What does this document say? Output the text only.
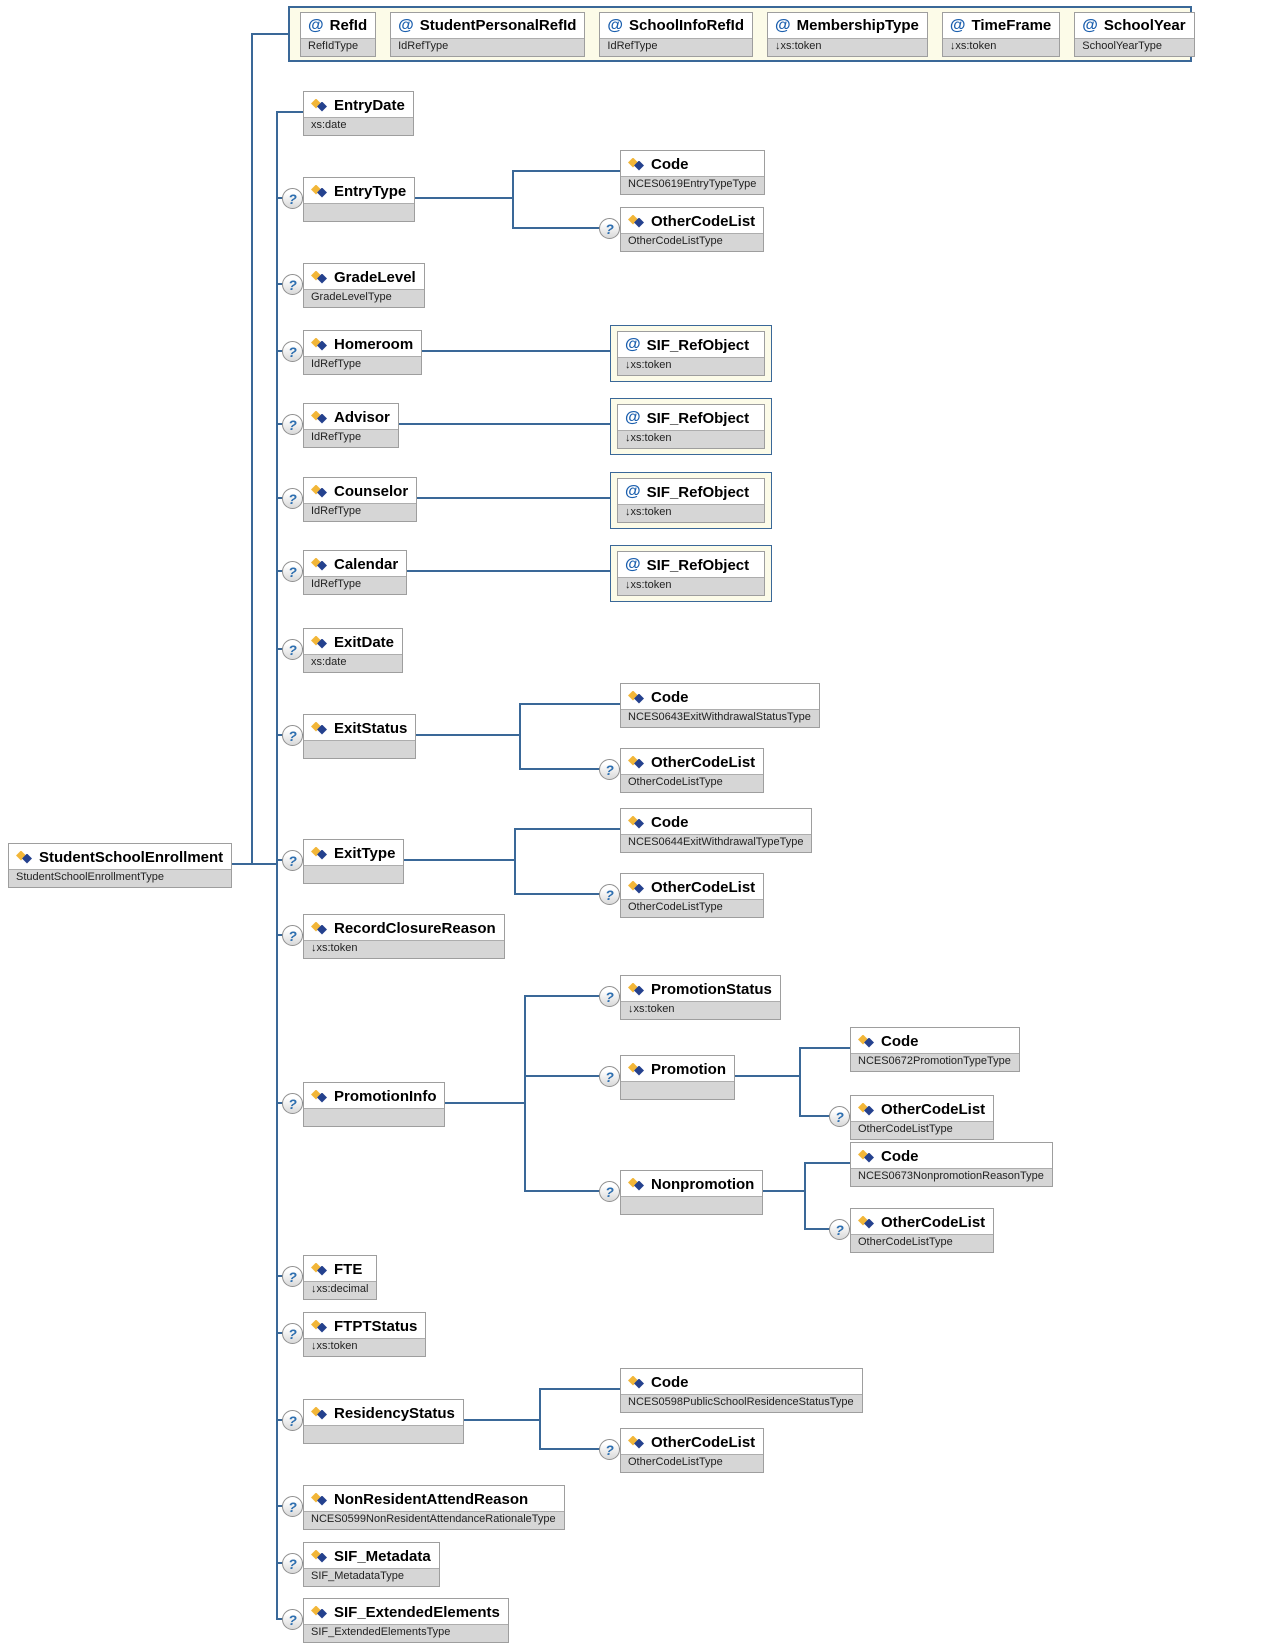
StudentSchoolEnrollment
StudentSchoolEnrollmentType
@ RefId
RefIdType
@ StudentPersonalRefId
IdRefType
@ SchoolInfoRefId
IdRefType
@ MembershipType
↓xs:token
@ TimeFrame
↓xs:token
@ SchoolYear
SchoolYearType
EntryDate
xs:date
EntryType
Code
NCES0619EntryTypeType
OtherCodeList
OtherCodeListType
GradeLevel
GradeLevelType
Homeroom
IdRefType
@ SIF_RefObject
↓xs:token
Advisor
IdRefType
@ SIF_RefObject
↓xs:token
Counselor
IdRefType
@ SIF_RefObject
↓xs:token
Calendar
IdRefType
@ SIF_RefObject
↓xs:token
ExitDate
xs:date
ExitStatus
Code
NCES0643ExitWithdrawalStatusType
OtherCodeList
OtherCodeListType
ExitType
Code
NCES0644ExitWithdrawalTypeType
OtherCodeList
OtherCodeListType
RecordClosureReason
↓xs:token
PromotionInfo
PromotionStatus
↓xs:token
Promotion
Code
NCES0672PromotionTypeType
OtherCodeList
OtherCodeListType
Nonpromotion
Code
NCES0673NonpromotionReasonType
OtherCodeList
OtherCodeListType
FTE
↓xs:decimal
FTPTStatus
↓xs:token
ResidencyStatus
Code
NCES0598PublicSchoolResidenceStatusType
OtherCodeList
OtherCodeListType
NonResidentAttendReason
NCES0599NonResidentAttendanceRationaleType
SIF_Metadata
SIF_MetadataType
SIF_ExtendedElements
SIF_ExtendedElementsType
?
?
?
?
?
?
?
?
?
?
?
?
?
?
?
?
?
?
?
?
?
?
?
?
?
?
